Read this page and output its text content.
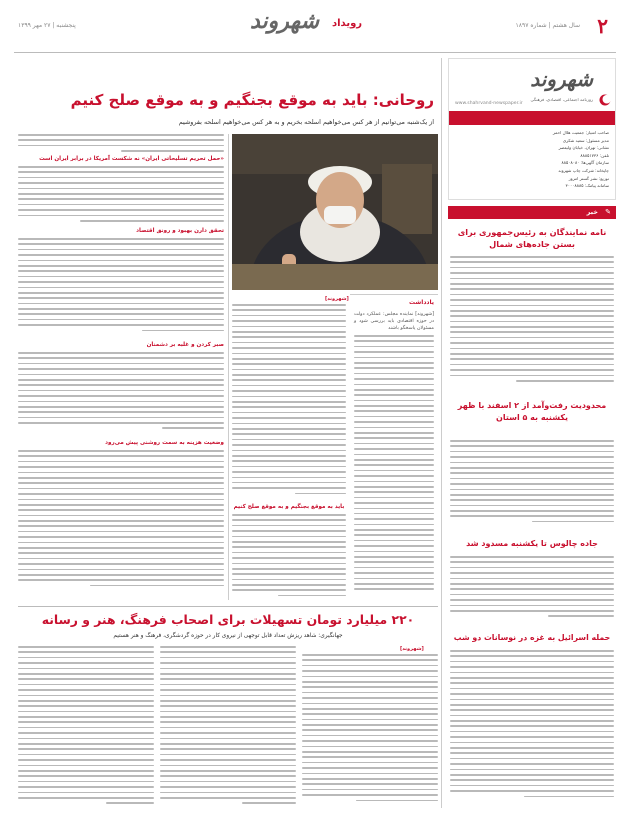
۲
سال هشتم | شماره ۱۸۹۷
رویداد
شهروند
پنجشنبه | ۲۷ مهر ۱۳۹۹
شهروند
روزنامه اجتماعی، اقتصادی، فرهنگی
www.shahrvand-newspaper.ir
صاحب امتیاز: جمعیت هلال احمر
مدیر مسئول: سعید شکری
نشانی: تهران، خیابان ولیعصر
تلفن: ۸۸۸۵۱۷۳۶
سازمان آگهی‌ها: ۸۸۵۰۸۰۸۰
چاپخانه: شرکت چاپ شهروند
توزیع: نشر گستر امروز
سامانه پیامک: ۳۰۰۰۸۸۸۵
خبر ✎
نامه نمایندگان به رئیس‌جمهوری برای بستن جاده‌های شمال
محدودیت رفت‌وآمد از ۲ اسفند با ظهر یکشنبه به ۵ استان
جاده چالوس تا یکشنبه مسدود شد
حمله اسرائیل به غزه در نوسانات دو شب
روحانی: باید به موقع بجنگیم و به موقع صلح کنیم
از یک‌شنبه می‌توانیم از هر کس می‌خواهیم اسلحه بخریم و به هر کس می‌خواهیم اسلحه بفروشیم
یادداشت
[شهروند] نماینده مجلس: عملکرد دولت در حوزه اقتصادی باید بررسی شود و مسئولان پاسخگو باشند
[شهروند]
باید به موقع بجنگیم و به موقع صلح کنیم
«حمل تحریم تسلیحاتی ایران» نه شکست آمریکا در برابر ایران است
تحقق دارن بهبود و رونق اقتصاد
صبر کردن و غلبه بر دشمنان
وضعیت هزینه به سمت روشنی پیش می‌رود
۲۲۰ میلیارد تومان تسهیلات برای اصحاب فرهنگ، هنر و رسانه
جهانگیری: شاهد ریزش تعداد قابل توجهی از نیروی کار در حوزه گردشگری، فرهنگ و هنر هستیم
[شهروند]
